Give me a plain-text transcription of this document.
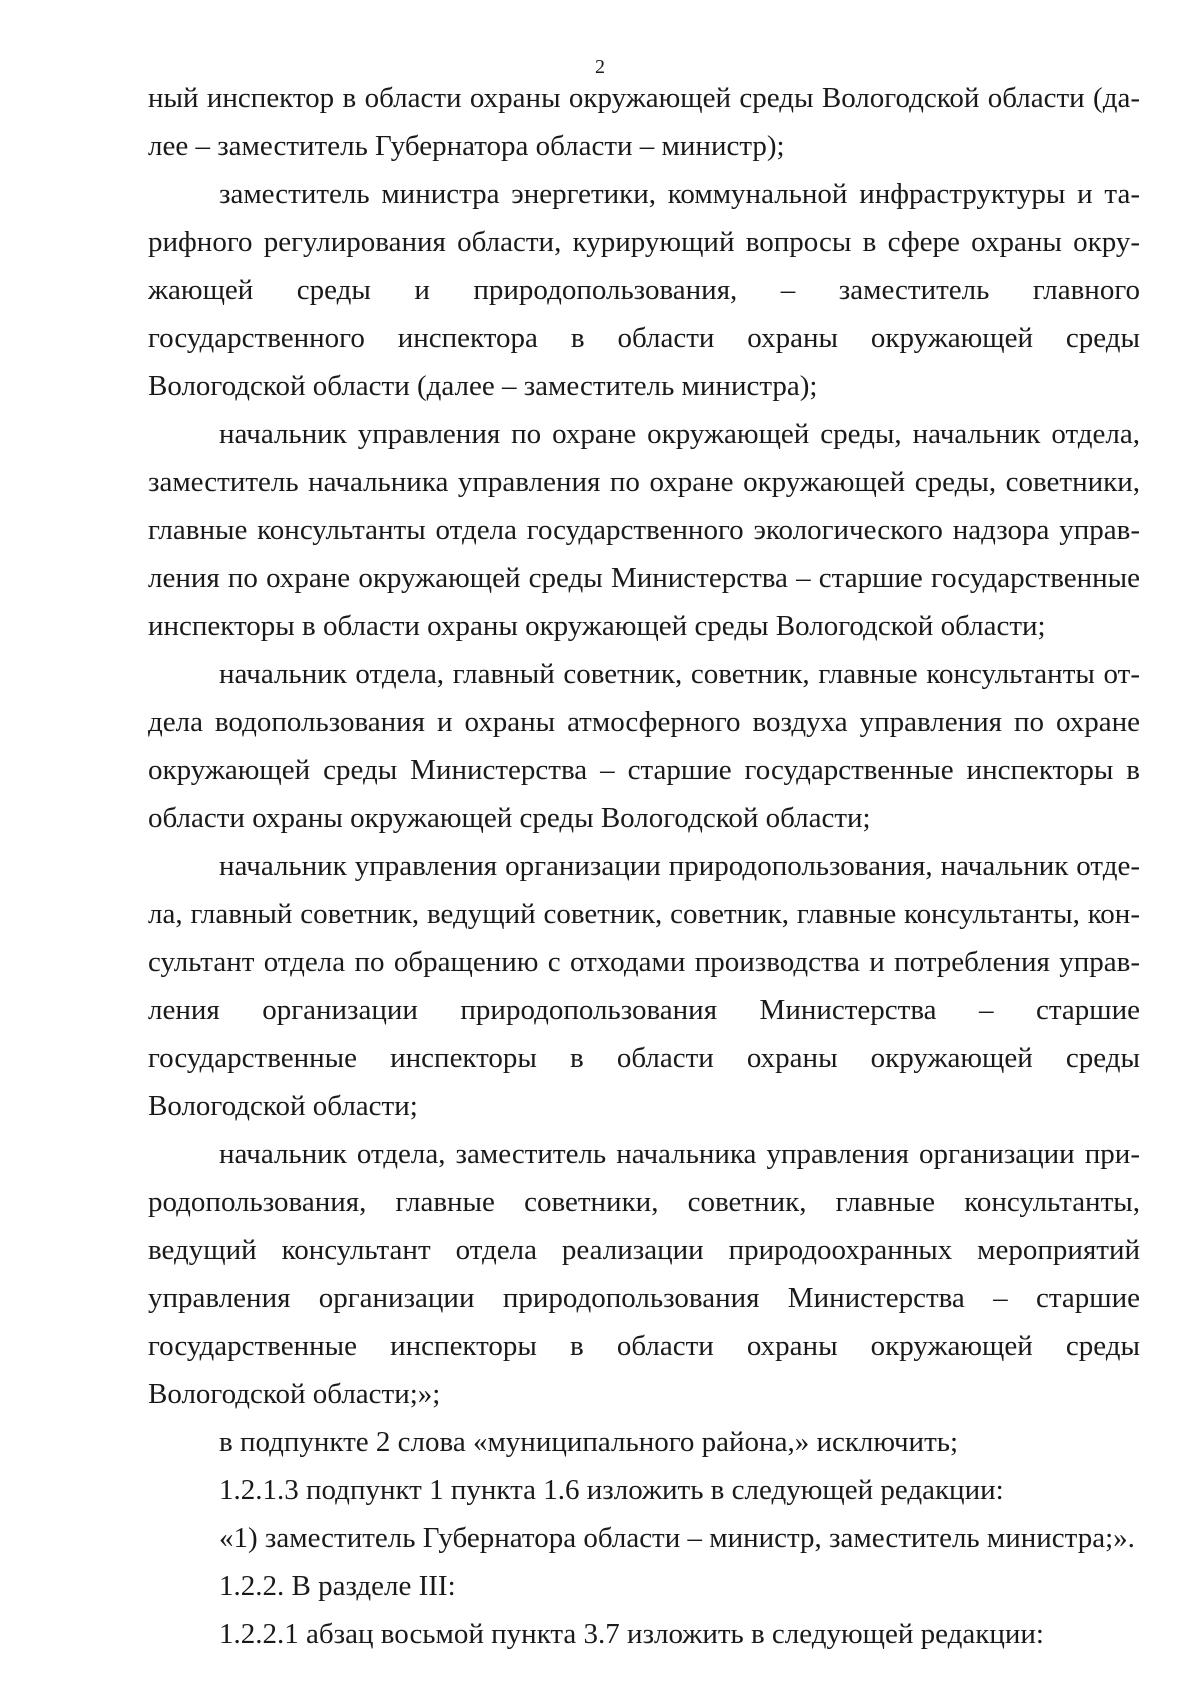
2

ный инспектор в области охраны окружающей среды Вологодской области (далее – заместитель Губернатора области – министр);

заместитель министра энергетики, коммунальной инфраструктуры и тарифного регулирования области, курирующий вопросы в сфере охраны окружающей среды и природопользования, – заместитель главного государственного инспектора в области охраны окружающей среды Вологодской области (далее – заместитель министра);

начальник управления по охране окружающей среды, начальник отдела, заместитель начальника управления по охране окружающей среды, советники, главные консультанты отдела государственного экологического надзора управления по охране окружающей среды Министерства – старшие государственные инспекторы в области охраны окружающей среды Вологодской области;

начальник отдела, главный советник, советник, главные консультанты отдела водопользования и охраны атмосферного воздуха управления по охране окружающей среды Министерства – старшие государственные инспекторы в области охраны окружающей среды Вологодской области;

начальник управления организации природопользования, начальник отдела, главный советник, ведущий советник, советник, главные консультанты, консультант отдела по обращению с отходами производства и потребления управления организации природопользования Министерства – старшие государственные инспекторы в области охраны окружающей среды Вологодской области;

начальник отдела, заместитель начальника управления организации природопользования, главные советники, советник, главные консультанты, ведущий консультант отдела реализации природоохранных мероприятий управления организации природопользования Министерства – старшие государственные инспекторы в области охраны окружающей среды Вологодской области;»;

в подпункте 2 слова «муниципального района,» исключить;

1.2.1.3 подпункт 1 пункта 1.6 изложить в следующей редакции:

«1) заместитель Губернатора области – министр, заместитель министра;».

1.2.2. В разделе III:

1.2.2.1 абзац восьмой пункта 3.7 изложить в следующей редакции:
